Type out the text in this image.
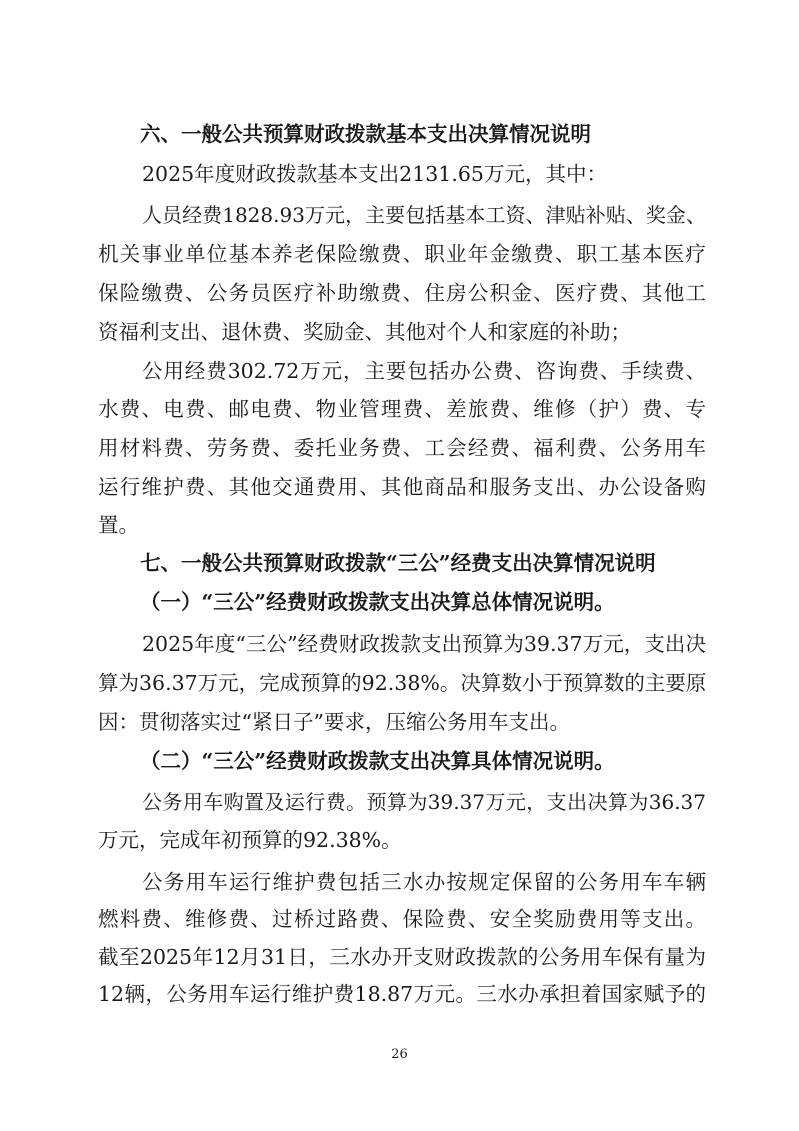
六、一般公共预算财政拨款基本支出决算情况说明
2025年度财政拨款基本支出2131.65万元，其中：
人员经费1828.93万元，主要包括基本工资、津贴补贴、奖金、
机关事业单位基本养老保险缴费、职业年金缴费、职工基本医疗
保险缴费、公务员医疗补助缴费、住房公积金、医疗费、其他工
资福利支出、退休费、奖励金、其他对个人和家庭的补助；
公用经费302.72万元，主要包括办公费、咨询费、手续费、
水费、电费、邮电费、物业管理费、差旅费、维修（护）费、专
用材料费、劳务费、委托业务费、工会经费、福利费、公务用车
运行维护费、其他交通费用、其他商品和服务支出、办公设备购
置。
七、一般公共预算财政拨款“三公”经费支出决算情况说明
（一）“三公”经费财政拨款支出决算总体情况说明。
2025年度“三公”经费财政拨款支出预算为39.37万元，支出决
算为36.37万元，完成预算的92.38%。决算数小于预算数的主要原
因：贯彻落实过“紧日子”要求，压缩公务用车支出。
（二）“三公”经费财政拨款支出决算具体情况说明。
公务用车购置及运行费。预算为39.37万元，支出决算为36.37
万元，完成年初预算的92.38%。
公务用车运行维护费包括三水办按规定保留的公务用车车辆
燃料费、维修费、过桥过路费、保险费、安全奖励费用等支出。
截至2025年12月31日，三水办开支财政拨款的公务用车保有量为
12辆，公务用车运行维护费18.87万元。三水办承担着国家赋予的
26
